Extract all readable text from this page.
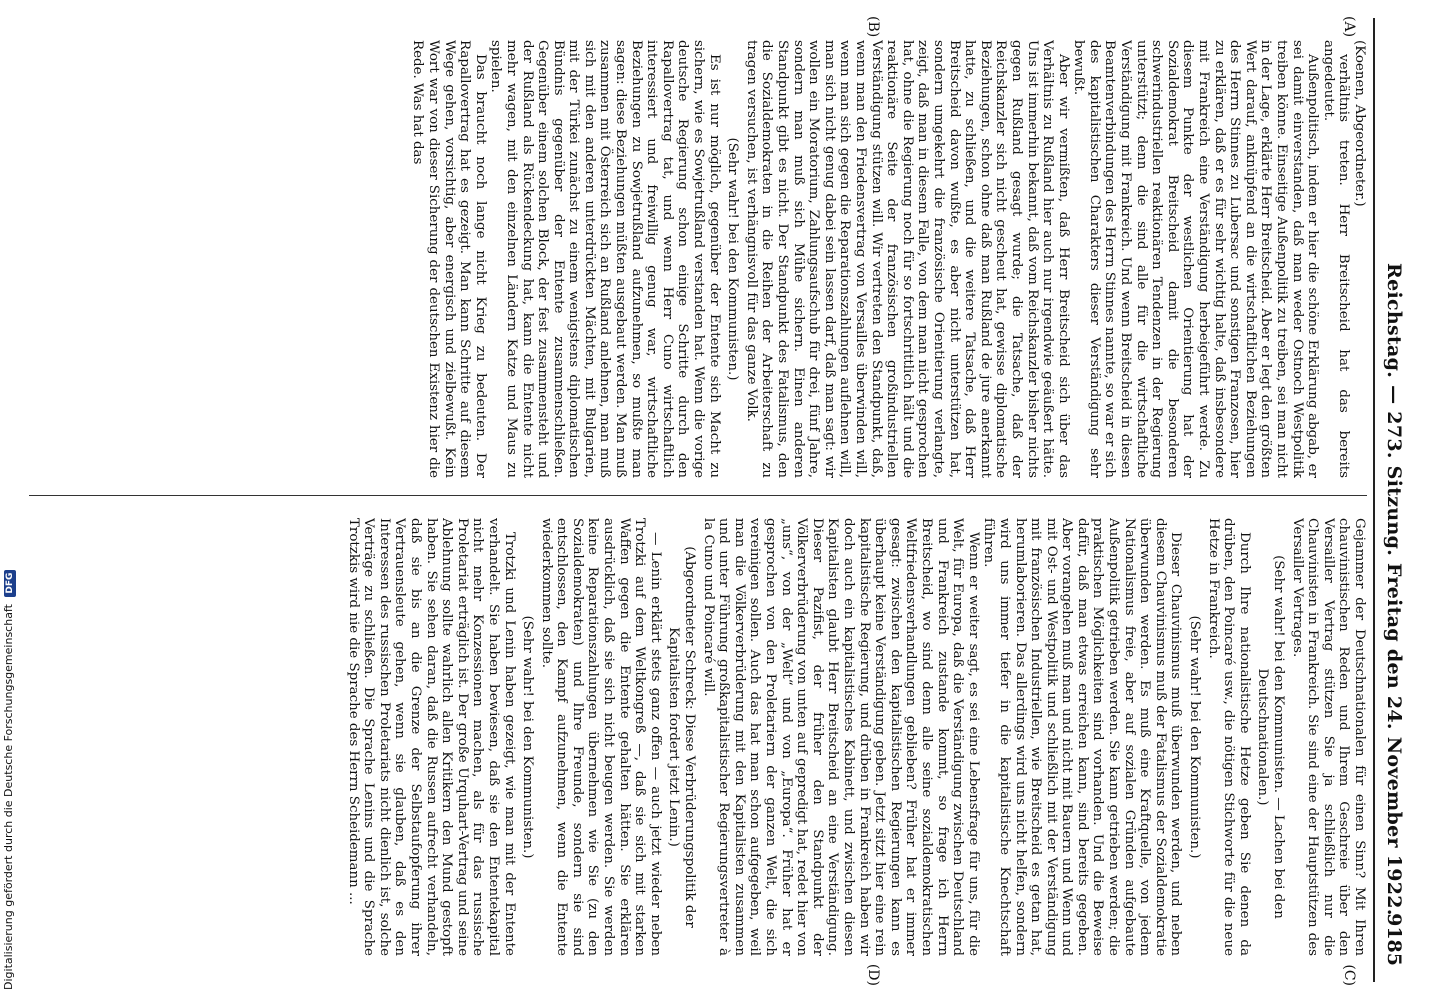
Reichstag. — 273. Sitzung. Freitag den 24. November 1922.
9185
(A)
(B)
(C)
(D)

(Koenen, Abgeordneter.)

verhältnis treten. Herr Breitscheid hat das bereits angedeutet.

Außenpolitisch, indem er hier die schöne Erklärung abgab, er sei damit einverstanden, daß man weder Ostnoch Westpolitik treiben könne. Einseitige Außenpolitik zu treiben, sei man nicht in der Lage, erklärte Herr Breitscheid. Aber er legt den größten Wert darauf, anknüpfend an die wirtschaftlichen Beziehungen des Herrn Stinnes zu Lubersac und sonstigen Franzosen, hier zu erklären, daß er es für sehr wichtig halte, daß insbesondere mit Frankreich eine Verständigung herbeigeführt werde. Zu diesem Punkte der westlichen Orientierung hat der Sozialdemokrat Breitscheid damit die besonderen schwerindustriellen reaktionären Tendenzen in der Regierung unterstützt; denn die sind alle für die wirtschaftliche Verständigung mit Frankreich. Und wenn Breitscheid in diesen Beamtenverbindungen des Herrn Stinnes nannte, so war er sich des kapitalistischen Charakters dieser Verständigung sehr bewußt.

Aber wir vermißten, daß Herr Breitscheid sich über das Verhältnis zu Rußland hier auch nur irgendwie geäußert hätte. Uns ist immerhin bekannt, daß vom Reichskanzler bisher nichts gegen Rußland gesagt wurde; die Tatsache, daß der Reichskanzler sich nicht gescheut hat, gewisse diplomatische Beziehungen, schon ohne daß man Rußland de jure anerkannt hatte, zu schließen, und die weitere Tatsache, daß Herr Breitscheid davon wußte, es aber nicht unterstützen hat, sondern umgekehrt die französische Orientierung verlangte, zeigt, daß man in diesem Falle, von dem man nicht gesprochen hat, ohne die Regierung noch für so fortschrittlich hält und die reaktionäre Seite der französischen großindustriellen Verständigung stützen will. Wir vertreten den Standpunkt, daß, wenn man den Friedensvertrag von Versailles überwinden will, wenn man sich gegen die Reparationszahlungen auflehnen will, man sich nicht genug dabei sein lassen darf, daß man sagt: wir wollen ein Moratorium, Zahlungsaufschub für drei, fünf Jahre, sondern man muß sich Mühe sichern. Einen anderen Standpunkt gibt es nicht. Der Standpunkt des Fatalismus, den die Sozialdemokraten in die Reihen der Arbeiterschaft zu tragen versuchen, ist verhängnisvoll für das ganze Volk.

(Sehr wahr! bei den Kommunisten.)

Es ist nur möglich, gegenüber der Entente sich Macht zu sichern, wie es Sowjetrußland verstanden hat. Wenn die vorige deutsche Regierung schon einige Schritte durch den Rapallovertrag tat, und wenn Herr Cuno wirtschaftlich interessiert und freiwillig genug war, wirtschaftliche Beziehungen zu Sowjetrußland aufzunehmen, so mußte man sagen: diese Beziehungen müßten ausgebaut werden. Man muß zusammen mit Österreich sich an Rußland anlehnen, man muß sich mit den anderen unterdrückten Mächten, mit Bulgarien, mit der Türkei zunächst zu einem wenigstens diplomatischen Bündnis gegenüber der Entente zusammenschließen. Gegenüber einem solchen Block, der fest zusammensteht und der Rußland als Rückendeckung hat, kann die Entente nicht mehr wagen, mit den einzelnen Ländern Katze und Maus zu spielen.

Das braucht noch lange nicht Krieg zu bedeuten. Der Rapallovertrag hat es gezeigt. Man kann Schritte auf diesem Wege gehen, vorsichtig, aber energisch und zielbewußt. Kein Wort war von dieser Sicherung der deutschen Existenz hier die Rede. Was hat das

Gejammer der Deutschnationalen für einen Sinn? Mit Ihren chauvinistischen Reden und Ihrem Geschreie über den Versailler Vertrag stützen Sie ja schließlich nur die Chauvinisten in Frankreich. Sie sind eine der Hauptstützen des Versailler Vertrages.

(Sehr wahr! bei den Kommunisten. — Lachen bei den Deutschnationalen.)

Durch Ihre nationalistische Hetze geben Sie denen da drüben, den Poincaré usw., die nötigen Stichworte für die neue Hetze in Frankreich.

(Sehr wahr! bei den Kommunisten.)

Dieser Chauvinismus muß überwunden werden, und neben diesem Chauvinismus muß der Fatalismus der Sozialdemokratie überwunden werden. Es muß eine Kraftquelle, von jedem Nationalismus freie, aber auf sozialen Gründen aufgebaute Außenpolitik getrieben werden. Sie kann getrieben werden; die praktischen Möglichkeiten sind vorhanden. Und die Beweise dafür, daß man etwas erreichen kann, sind bereits gegeben. Aber vorangehen muß man und nicht mit Bauern und Wenn und mit Ost- und Westpolitik und schließlich mit der Verständigung mit französischen Industriellen, wie Breitscheid es getan hat, herumlaborieren. Das allerdings wird uns nicht helfen, sondern wird uns immer tiefer in die kapitalistische Knechtschaft führen.

Wenn er weiter sagt, es sei eine Lebensfrage für uns, für die Welt, für Europa, daß die Verständigung zwischen Deutschland und Frankreich zustande kommt, so frage ich Herrn Breitscheid, wo sind denn alle seine sozialdemokratischen Weltfriedensverhandlungen geblieben? Früher hat er immer gesagt: zwischen den kapitalistischen Regierungen kann es überhaupt keine Verständigung geben. Jetzt sitzt hier eine rein kapitalistische Regierung, und drüben in Frankreich haben wir doch auch ein kapitalistisches Kabinett, und zwischen diesen Kapitalisten glaubt Herr Breitscheid an eine Verständigung. Dieser Pazifist, der früher den Standpunkt der Völkerverbrüderung von unten auf gepredigt hat, redet hier von „uns“, von der „Welt“ und von „Europa“. Früher hat er gesprochen von den Proletariern der ganzen Welt, die sich vereinigen sollen. Auch das hat man schon aufgegeben, weil man die Völkerverbrüderung mit den Kapitalisten zusammen und unter Führung großkapitalistischer Regierungsvertreter à la Cuno und Poincaré will.

(Abgeordneter Schreck: Diese Verbrüderungspolitik der Kapitalisten fordert jetzt Lenin.)

— Lenin erklärt stets ganz offen — auch jetzt wieder neben Trotzki auf dem Weltkongreß —, daß sie sich mit starken Waffen gegen die Entente gehalten hätten. Sie erklären ausdrücklich, daß sie sich nicht beugen werden. Sie werden keine Reparationszahlungen übernehmen wie Sie (zu den Sozialdemokraten) und Ihre Freunde, sondern sie sind entschlossen, den Kampf aufzunehmen, wenn die Entente wiederkommen sollte.

(Sehr wahr! bei den Kommunisten.)

Trotzki und Lenin haben gezeigt, wie man mit der Entente verhandelt. Sie haben bewiesen, daß sie den Ententekapital nicht mehr Konzessionen machen, als für das russische Proletariat erträglich ist. Der große Urquhart-Vertrag und seine Ablehnung sollte wahrlich allen Kritikern den Mund gestopft haben. Sie sehen daran, daß die Russen aufrecht verhandeln, daß sie bis an die Grenze der Selbstaufopferung ihrer Vertrauensleute gehen, wenn sie glauben, daß es den Interessen des russischen Proletariats nicht dienlich ist, solche Verträge zu schließen. Die Sprache Lenins und die Sprache Trotzkis wird nie die Sprache des Herrn Scheidemann ...

Digitalisierung gefördert durch die Deutsche Forschungsgemeinschaft DFG
